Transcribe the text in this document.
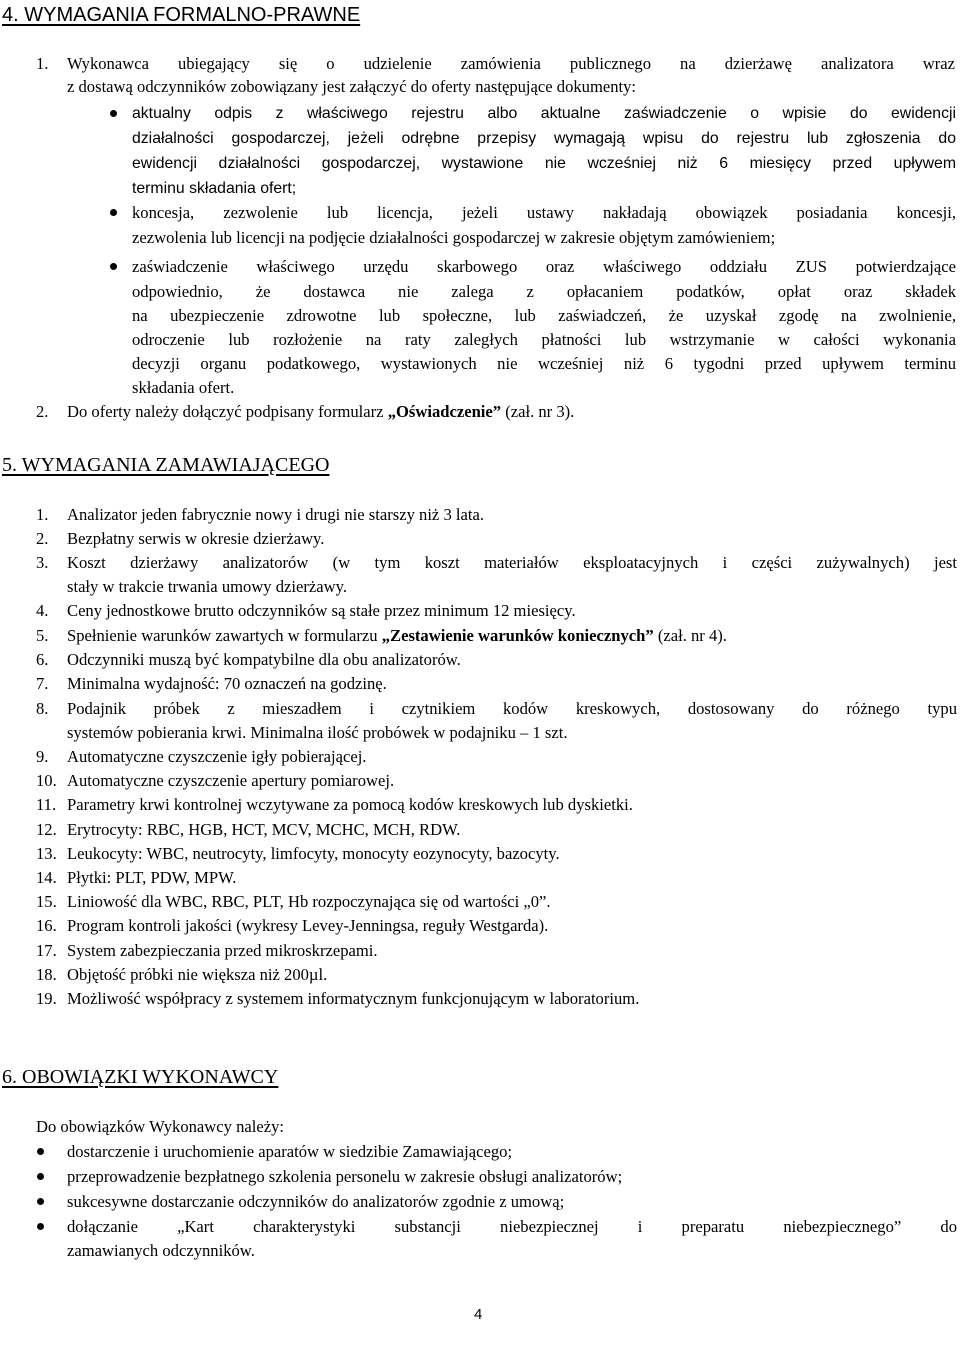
4. WYMAGANIA FORMALNO-PRAWNE
1. Wykonawca ubiegający się o udzielenie zamówienia publicznego na dzierżawę analizatora wraz
z dostawą odczynników zobowiązany jest załączyć do oferty następujące dokumenty:
aktualny odpis z właściwego rejestru albo aktualne zaświadczenie o wpisie do ewidencji
działalności gospodarczej, jeżeli odrębne przepisy wymagają wpisu do rejestru lub zgłoszenia do
ewidencji działalności gospodarczej, wystawione nie wcześniej niż 6 miesięcy przed upływem
terminu składania ofert;
koncesja, zezwolenie lub licencja, jeżeli ustawy nakładają obowiązek posiadania koncesji,
zezwolenia lub licencji na podjęcie działalności gospodarczej w zakresie objętym zamówieniem;
zaświadczenie właściwego urzędu skarbowego oraz właściwego oddziału ZUS potwierdzające
odpowiednio, że dostawca nie zalega z opłacaniem podatków, opłat oraz składek
na ubezpieczenie zdrowotne lub społeczne, lub zaświadczeń, że uzyskał zgodę na zwolnienie,
odroczenie lub rozłożenie na raty zaległych płatności lub wstrzymanie w całości wykonania
decyzji organu podatkowego, wystawionych nie wcześniej niż 6 tygodni przed upływem terminu
składania ofert.
2. Do oferty należy dołączyć podpisany formularz „Oświadczenie” (zał. nr 3).
5. WYMAGANIA ZAMAWIAJĄCEGO
1. Analizator jeden fabrycznie nowy i drugi nie starszy niż 3 lata.
2. Bezpłatny serwis w okresie dzierżawy.
3. Koszt dzierżawy analizatorów (w tym koszt materiałów eksploatacyjnych i części zużywalnych) jest
stały w trakcie trwania umowy dzierżawy.
4. Ceny jednostkowe brutto odczynników są stałe przez minimum 12 miesięcy.
5. Spełnienie warunków zawartych w formularzu „Zestawienie warunków koniecznych” (zał. nr 4).
6. Odczynniki muszą być kompatybilne dla obu analizatorów.
7. Minimalna wydajność: 70 oznaczeń na godzinę.
8. Podajnik próbek z mieszadłem i czytnikiem kodów kreskowych, dostosowany do różnego typu
systemów pobierania krwi. Minimalna ilość probówek w podajniku – 1 szt.
9. Automatyczne czyszczenie igły pobierającej.
10. Automatyczne czyszczenie apertury pomiarowej.
11. Parametry krwi kontrolnej wczytywane za pomocą kodów kreskowych lub dyskietki.
12. Erytrocyty: RBC, HGB, HCT, MCV, MCHC, MCH, RDW.
13. Leukocyty: WBC, neutrocyty, limfocyty, monocyty eozynocyty, bazocyty.
14. Płytki: PLT, PDW, MPW.
15. Liniowość dla WBC, RBC, PLT, Hb rozpoczynająca się od wartości „0”.
16. Program kontroli jakości (wykresy Levey-Jenningsa, reguły Westgarda).
17. System zabezpieczania przed mikroskrzepami.
18. Objętość próbki nie większa niż 200µl.
19. Możliwość współpracy z systemem informatycznym funkcjonującym w laboratorium.
6. OBOWIĄZKI WYKONAWCY
Do obowiązków Wykonawcy należy:
dostarczenie i uruchomienie aparatów w siedzibie Zamawiającego;
przeprowadzenie bezpłatnego szkolenia personelu w zakresie obsługi analizatorów;
sukcesywne dostarczanie odczynników do analizatorów zgodnie z umową;
dołączanie „Kart charakterystyki substancji niebezpiecznej i preparatu niebezpiecznego” do
zamawianych odczynników.
4
